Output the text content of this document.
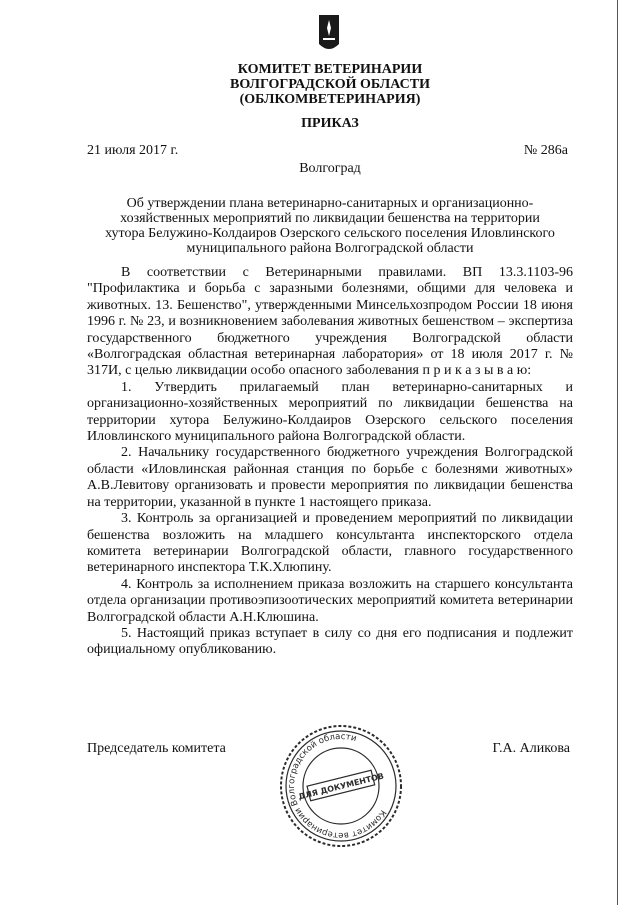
КОМИТЕТ ВЕТЕРИНАРИИ
ВОЛГОГРАДСКОЙ ОБЛАСТИ
(ОБЛКОМВЕТЕРИНАРИЯ)
ПРИКАЗ
21 июля 2017 г.	№ 286а
Волгоград
Об утверждении плана ветеринарно-санитарных и организационно-
хозяйственных мероприятий по ликвидации бешенства на территории
хутора Белужино-Колдаиров Озерского сельского поселения Иловлинского
муниципального района Волгоградской области

В соответствии с Ветеринарными правилами. ВП 13.3.1103-96 "Профилактика и борьба с заразными болезнями, общими для человека и животных. 13. Бешенство", утвержденными Минсельхозпродом России 18 июня 1996 г. № 23, и возникновением заболевания животных бешенством – экспертиза государственного бюджетного учреждения Волгоградской области «Волгоградская областная ветеринарная лаборатория» от 18 июля 2017 г. № 317И, с целью ликвидации особо опасного заболевания п р и к а з ы в а ю:

1. Утвердить прилагаемый план ветеринарно-санитарных и организационно-хозяйственных мероприятий по ликвидации бешенства на территории хутора Белужино-Колдаиров Озерского сельского поселения Иловлинского муниципального района Волгоградской области.

2. Начальнику государственного бюджетного учреждения Волгоградской области «Иловлинская районная станция по борьбе с болезнями животных» А.В.Левитову организовать и провести мероприятия по ликвидации бешенства на территории, указанной в пункте 1 настоящего приказа.

3. Контроль за организацией и проведением мероприятий по ликвидации бешенства возложить на младшего консультанта инспекторского отдела комитета ветеринарии Волгоградской области, главного государственного ветеринарного инспектора Т.К.Хлюпину.

4. Контроль за исполнением приказа возложить на старшего консультанта отдела организации противоэпизоотических мероприятий комитета ветеринарии Волгоградской области А.Н.Клюшина.

5. Настоящий приказ вступает в силу со дня его подписания и подлежит официальному опубликованию.

Председатель комитета	Г.А. Аликова
Комитет ветеринарии Волгоградской области
ДЛЯ ДОКУМЕНТОВ
